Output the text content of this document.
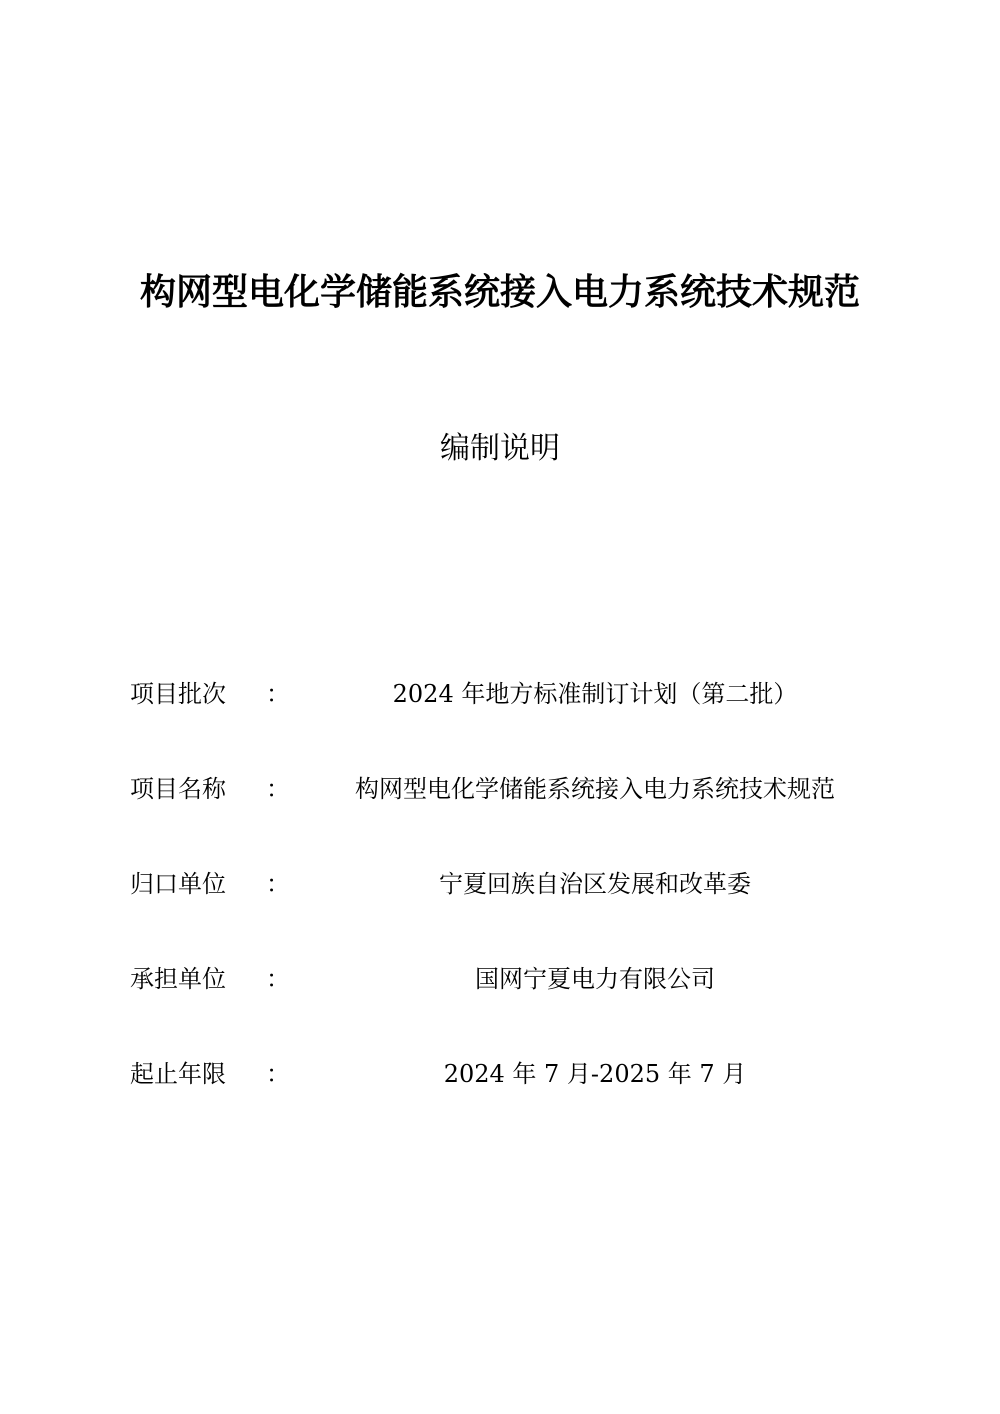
构网型电化学储能系统接入电力系统技术规范
编制说明
项目批次	：	2024 年地方标准制订计划（第二批）
项目名称	：	构网型电化学储能系统接入电力系统技术规范
归口单位	：	宁夏回族自治区发展和改革委
承担单位	：	国网宁夏电力有限公司
起止年限	：	2024 年 7 月-2025 年 7 月
